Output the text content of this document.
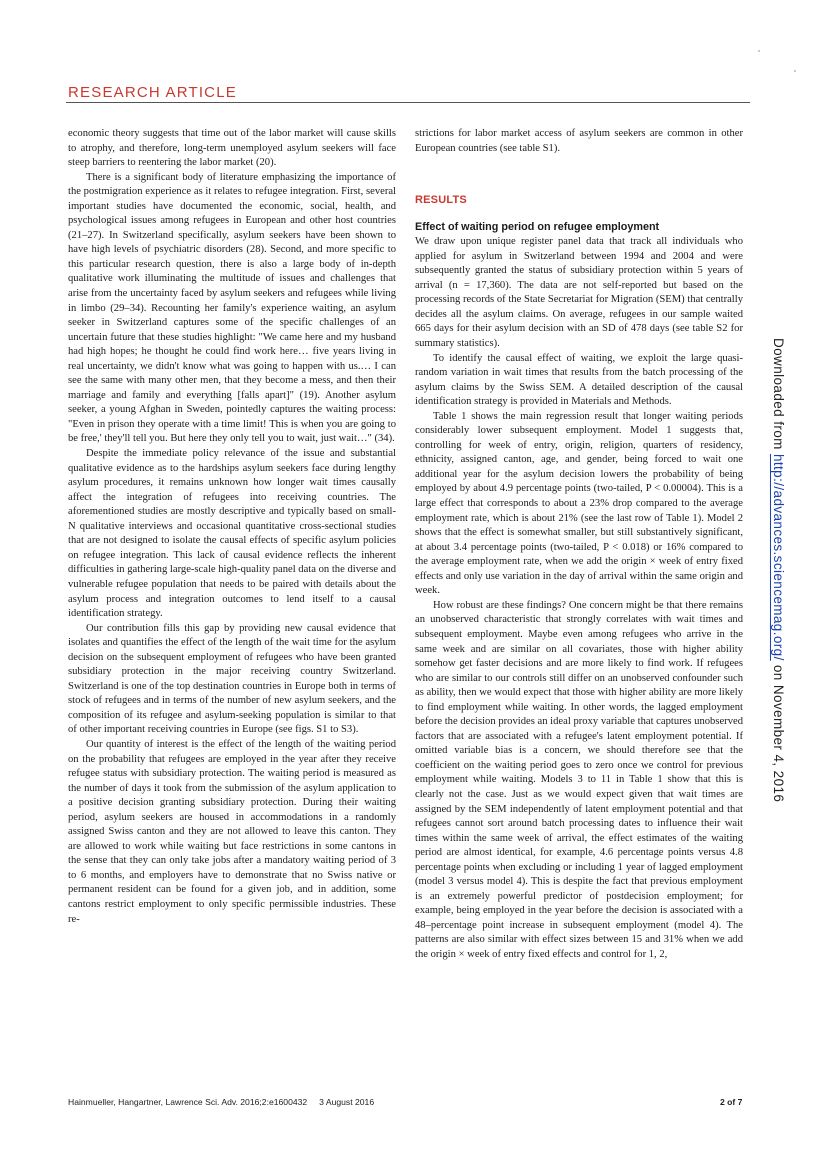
RESEARCH ARTICLE

economic theory suggests that time out of the labor market will cause skills to atrophy, and therefore, long-term unemployed asylum seekers will face steep barriers to reentering the labor market (20).

There is a significant body of literature emphasizing the importance of the postmigration experience as it relates to refugee integration. First, several important studies have documented the economic, social, health, and psychological issues among refugees in European and other host countries (21–27). In Switzerland specifically, asylum seekers have been shown to have high levels of psychiatric disorders (28). Second, and more specific to this particular research question, there is also a large body of in-depth qualitative work illuminating the multitude of issues and challenges that arise from the uncertainty faced by asylum seekers and refugees while living in limbo (29–34). Recounting her family's experience waiting, an asylum seeker in Switzerland captures some of the specific challenges of an uncertain future that these studies highlight: "We came here and my husband had high hopes; he thought he could find work here… five years living in real uncertainty, we didn't know what was going to happen with us.… I can see the same with many other men, that they become a mess, and then their marriage and family and everything [falls apart]" (19). Another asylum seeker, a young Afghan in Sweden, pointedly captures the waiting process: "Even in prison they operate with a time limit! This is when you are going to be free,' they'll tell you. But here they only tell you to wait, just wait…" (34).

Despite the immediate policy relevance of the issue and substantial qualitative evidence as to the hardships asylum seekers face during lengthy asylum procedures, it remains unknown how longer wait times causally affect the integration of refugees into receiving countries. The aforementioned studies are mostly descriptive and typically based on small-N qualitative interviews and occasional quantitative cross-sectional studies that are not designed to isolate the causal effects of specific asylum policies on refugee integration. This lack of causal evidence reflects the inherent difficulties in gathering large-scale high-quality panel data on the diverse and vulnerable refugee population that needs to be paired with details about the asylum process and integration outcomes to lend itself to a causal identification strategy.

Our contribution fills this gap by providing new causal evidence that isolates and quantifies the effect of the length of the wait time for the asylum decision on the subsequent employment of refugees who have been granted subsidiary protection in the major receiving country Switzerland. Switzerland is one of the top destination countries in Europe both in terms of stock of refugees and in terms of the number of new asylum seekers, and the composition of its refugee and asylum-seeking population is similar to that of other important receiving countries in Europe (see figs. S1 to S3).

Our quantity of interest is the effect of the length of the waiting period on the probability that refugees are employed in the year after they receive refugee status with subsidiary protection. The waiting period is measured as the number of days it took from the submission of the asylum application to a positive decision granting subsidiary protection. During their waiting period, asylum seekers are housed in accommodations in a randomly assigned Swiss canton and they are not allowed to leave this canton. They are allowed to work while waiting but face restrictions in some cantons in the sense that they can only take jobs after a mandatory waiting period of 3 to 6 months, and employers have to demonstrate that no Swiss native or permanent resident can be found for a given job, and in addition, some cantons restrict employment to only specific permissible industries. These re-

strictions for labor market access of asylum seekers are common in other European countries (see table S1).

RESULTS
Effect of waiting period on refugee employment

We draw upon unique register panel data that track all individuals who applied for asylum in Switzerland between 1994 and 2004 and were subsequently granted the status of subsidiary protection within 5 years of arrival (n = 17,360). The data are not self-reported but based on the processing records of the State Secretariat for Migration (SEM) that centrally decides all the asylum claims. On average, refugees in our sample waited 665 days for their asylum decision with an SD of 478 days (see table S2 for summary statistics).

To identify the causal effect of waiting, we exploit the large quasi-random variation in wait times that results from the batch processing of the asylum claims by the Swiss SEM. A detailed description of the causal identification strategy is provided in Materials and Methods.

Table 1 shows the main regression result that longer waiting periods considerably lower subsequent employment. Model 1 suggests that, controlling for week of entry, origin, religion, quarters of residency, ethnicity, assigned canton, age, and gender, being forced to wait one additional year for the asylum decision lowers the probability of being employed by about 4.9 percentage points (two-tailed, P < 0.00004). This is a large effect that corresponds to about a 23% drop compared to the average employment rate, which is about 21% (see the last row of Table 1). Model 2 shows that the effect is somewhat smaller, but still substantively significant, at about 3.4 percentage points (two-tailed, P < 0.018) or 16% compared to the average employment rate, when we add the origin × week of entry fixed effects and only use variation in the day of arrival within the same origin and week.

How robust are these findings? One concern might be that there remains an unobserved characteristic that strongly correlates with wait times and subsequent employment. Maybe even among refugees who arrive in the same week and are similar on all covariates, those with higher ability somehow get faster decisions and are more likely to find work. If refugees who are similar to our controls still differ on an unobserved confounder such as ability, then we would expect that those with higher ability are more likely to find employment while waiting. In other words, the lagged employment before the decision provides an ideal proxy variable that captures unobserved factors that are associated with a refugee's latent employment potential. If omitted variable bias is a concern, we should therefore see that the coefficient on the waiting period goes to zero once we control for previous employment while waiting. Models 3 to 11 in Table 1 show that this is clearly not the case. Just as we would expect given that wait times are assigned by the SEM independently of latent employment potential and that refugees cannot sort around batch processing dates to influence their wait times within the same week of arrival, the effect estimates of the waiting period are almost identical, for example, 4.6 percentage points versus 4.8 percentage points when excluding or including 1 year of lagged employment (model 3 versus model 4). This is despite the fact that previous employment is an extremely powerful predictor of postdecision employment; for example, being employed in the year before the decision is associated with a 48–percentage point increase in subsequent employment (model 4). The patterns are also similar with effect sizes between 15 and 31% when we add the origin × week of entry fixed effects and control for 1, 2,

Hainmueller, Hangartner, Lawrence Sci. Adv. 2016;2:e1600432 3 August 2016	2 of 7
Downloaded from http://advances.sciencemag.org/ on November 4, 2016
